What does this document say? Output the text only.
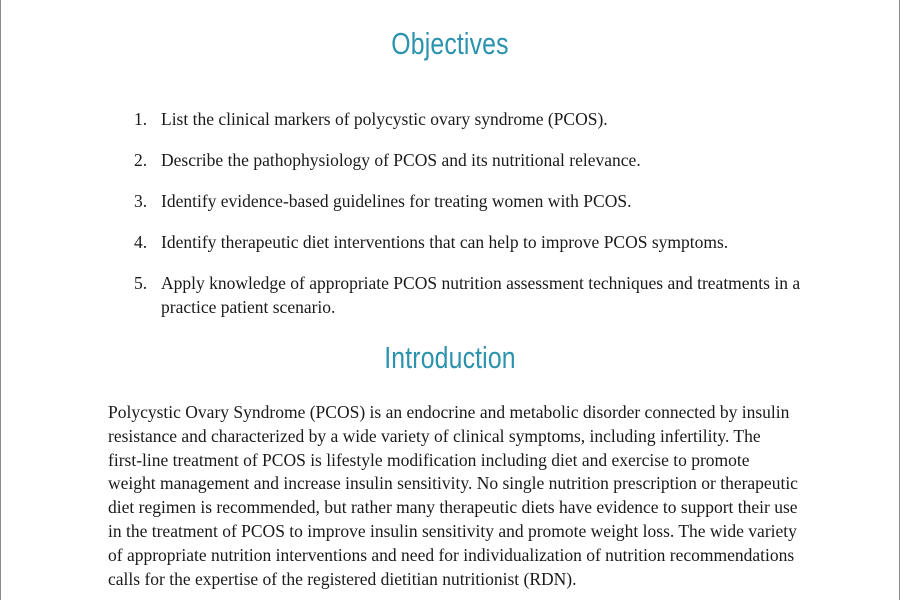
Objectives
1. List the clinical markers of polycystic ovary syndrome (PCOS).
2. Describe the pathophysiology of PCOS and its nutritional relevance.
3. Identify evidence-based guidelines for treating women with PCOS.
4. Identify therapeutic diet interventions that can help to improve PCOS symptoms.
5. Apply knowledge of appropriate PCOS nutrition assessment techniques and treatments in a practice patient scenario.
Introduction

Polycystic Ovary Syndrome (PCOS) is an endocrine and metabolic disorder connected by insulin resistance and characterized by a wide variety of clinical symptoms, including infertility. The first-line treatment of PCOS is lifestyle modification including diet and exercise to promote weight management and increase insulin sensitivity. No single nutrition prescription or therapeutic diet regimen is recommended, but rather many therapeutic diets have evidence to support their use in the treatment of PCOS to improve insulin sensitivity and promote weight loss. The wide variety of appropriate nutrition interventions and need for individualization of nutrition recommendations calls for the expertise of the registered dietitian nutritionist (RDN).
